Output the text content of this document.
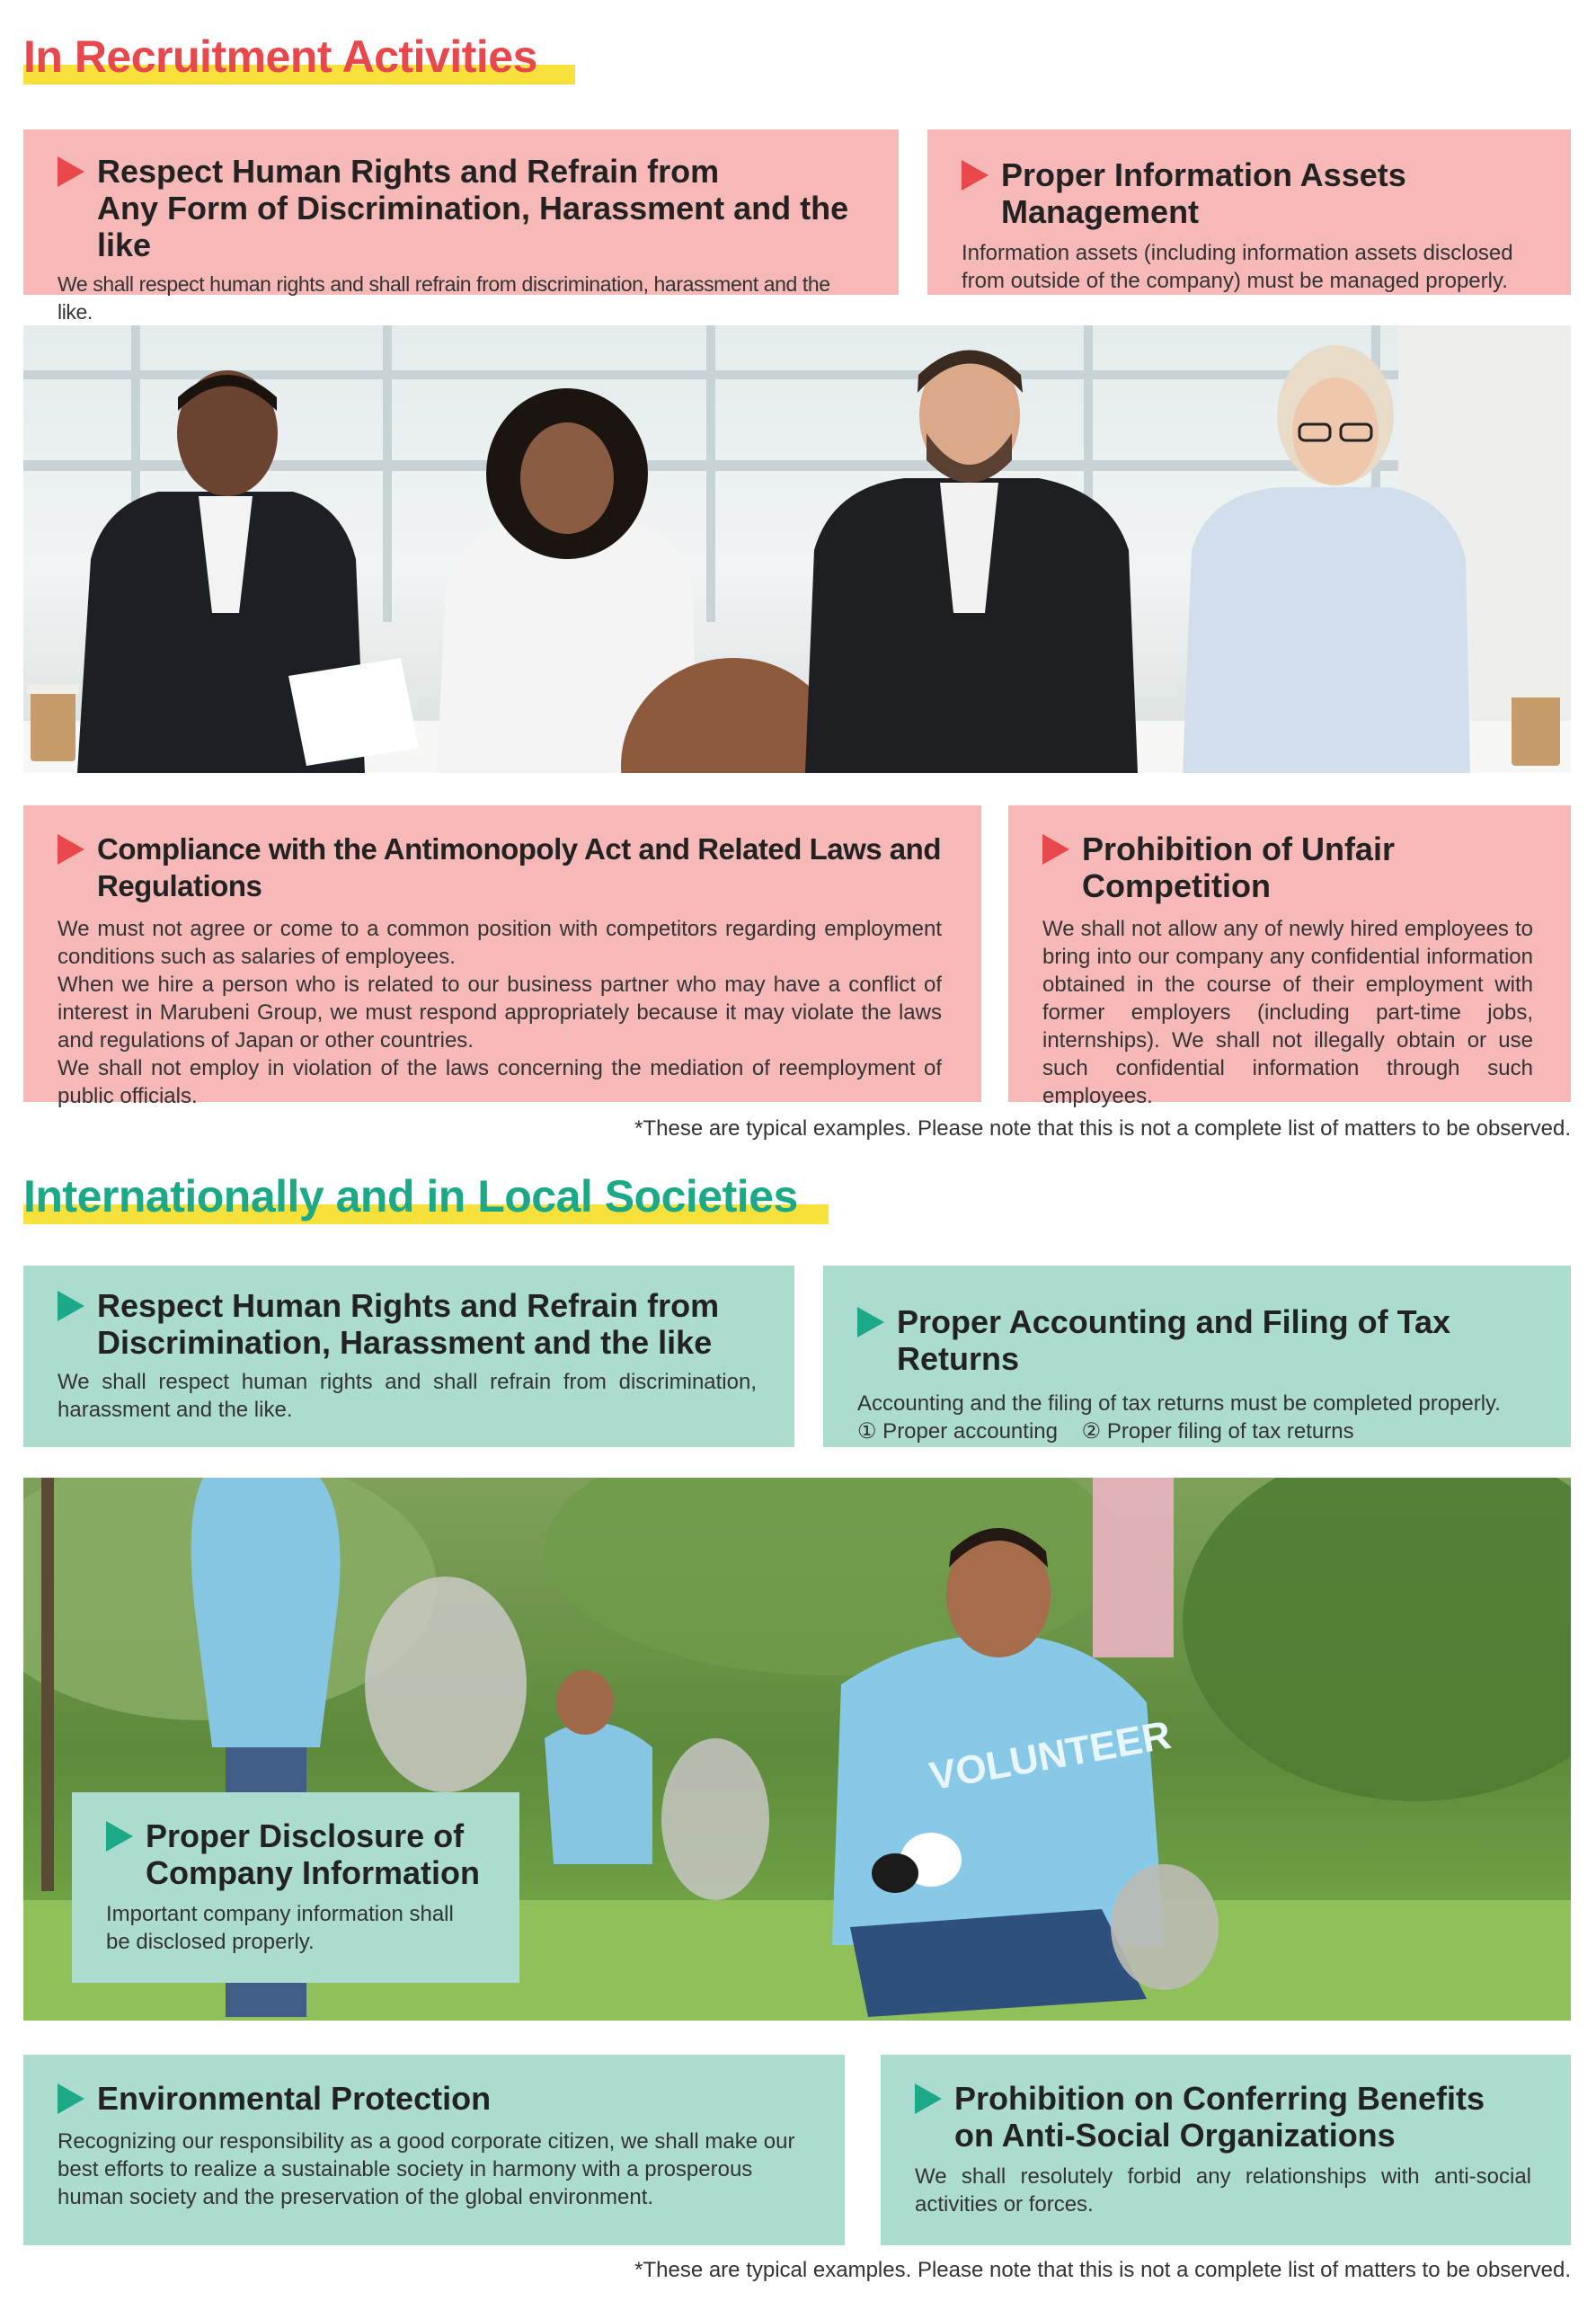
In Recruitment Activities
Respect Human Rights and Refrain from
Any Form of Discrimination, Harassment and the like
We shall respect human rights and shall refrain from discrimination, harassment and the like.
Proper Information Assets Management
Information assets (including information assets disclosed
from outside of the company) must be managed properly.
Compliance with the Antimonopoly Act and Related Laws and Regulations

We must not agree or come to a common position with competitors regarding employment conditions such as salaries of employees.

When we hire a person who is related to our business partner who may have a conflict of interest in Marubeni Group, we must respond appropriately because it may violate the laws and regulations of Japan or other countries.

We shall not employ in violation of the laws concerning the mediation of reemployment of public officials.

Prohibition of Unfair Competition
We shall not allow any of newly hired employees to bring into our company any confidential information obtained in the course of their employment with former employers (including part-time jobs, internships). We shall not illegally obtain or use such confidential information through such employees.
*These are typical examples. Please note that this is not a complete list of matters to be observed.
Internationally and in Local Societies
Respect Human Rights and Refrain from
Discrimination, Harassment and the like
We shall respect human rights and shall refrain from discrimination, harassment and the like.
Proper Accounting and Filing of Tax Returns
Accounting and the filing of tax returns must be completed properly.
① Proper accounting    ② Proper filing of tax returns
VOLUNTEER
Proper Disclosure of
Company Information
Important company information shall
be disclosed properly.
Environmental Protection
Recognizing our responsibility as a good corporate citizen, we shall make our best efforts to realize a sustainable society in harmony with a prosperous human society and the preservation of the global environment.
Prohibition on Conferring Benefits
on Anti-Social Organizations
We shall resolutely forbid any relationships with anti-social activities or forces.
*These are typical examples. Please note that this is not a complete list of matters to be observed.
